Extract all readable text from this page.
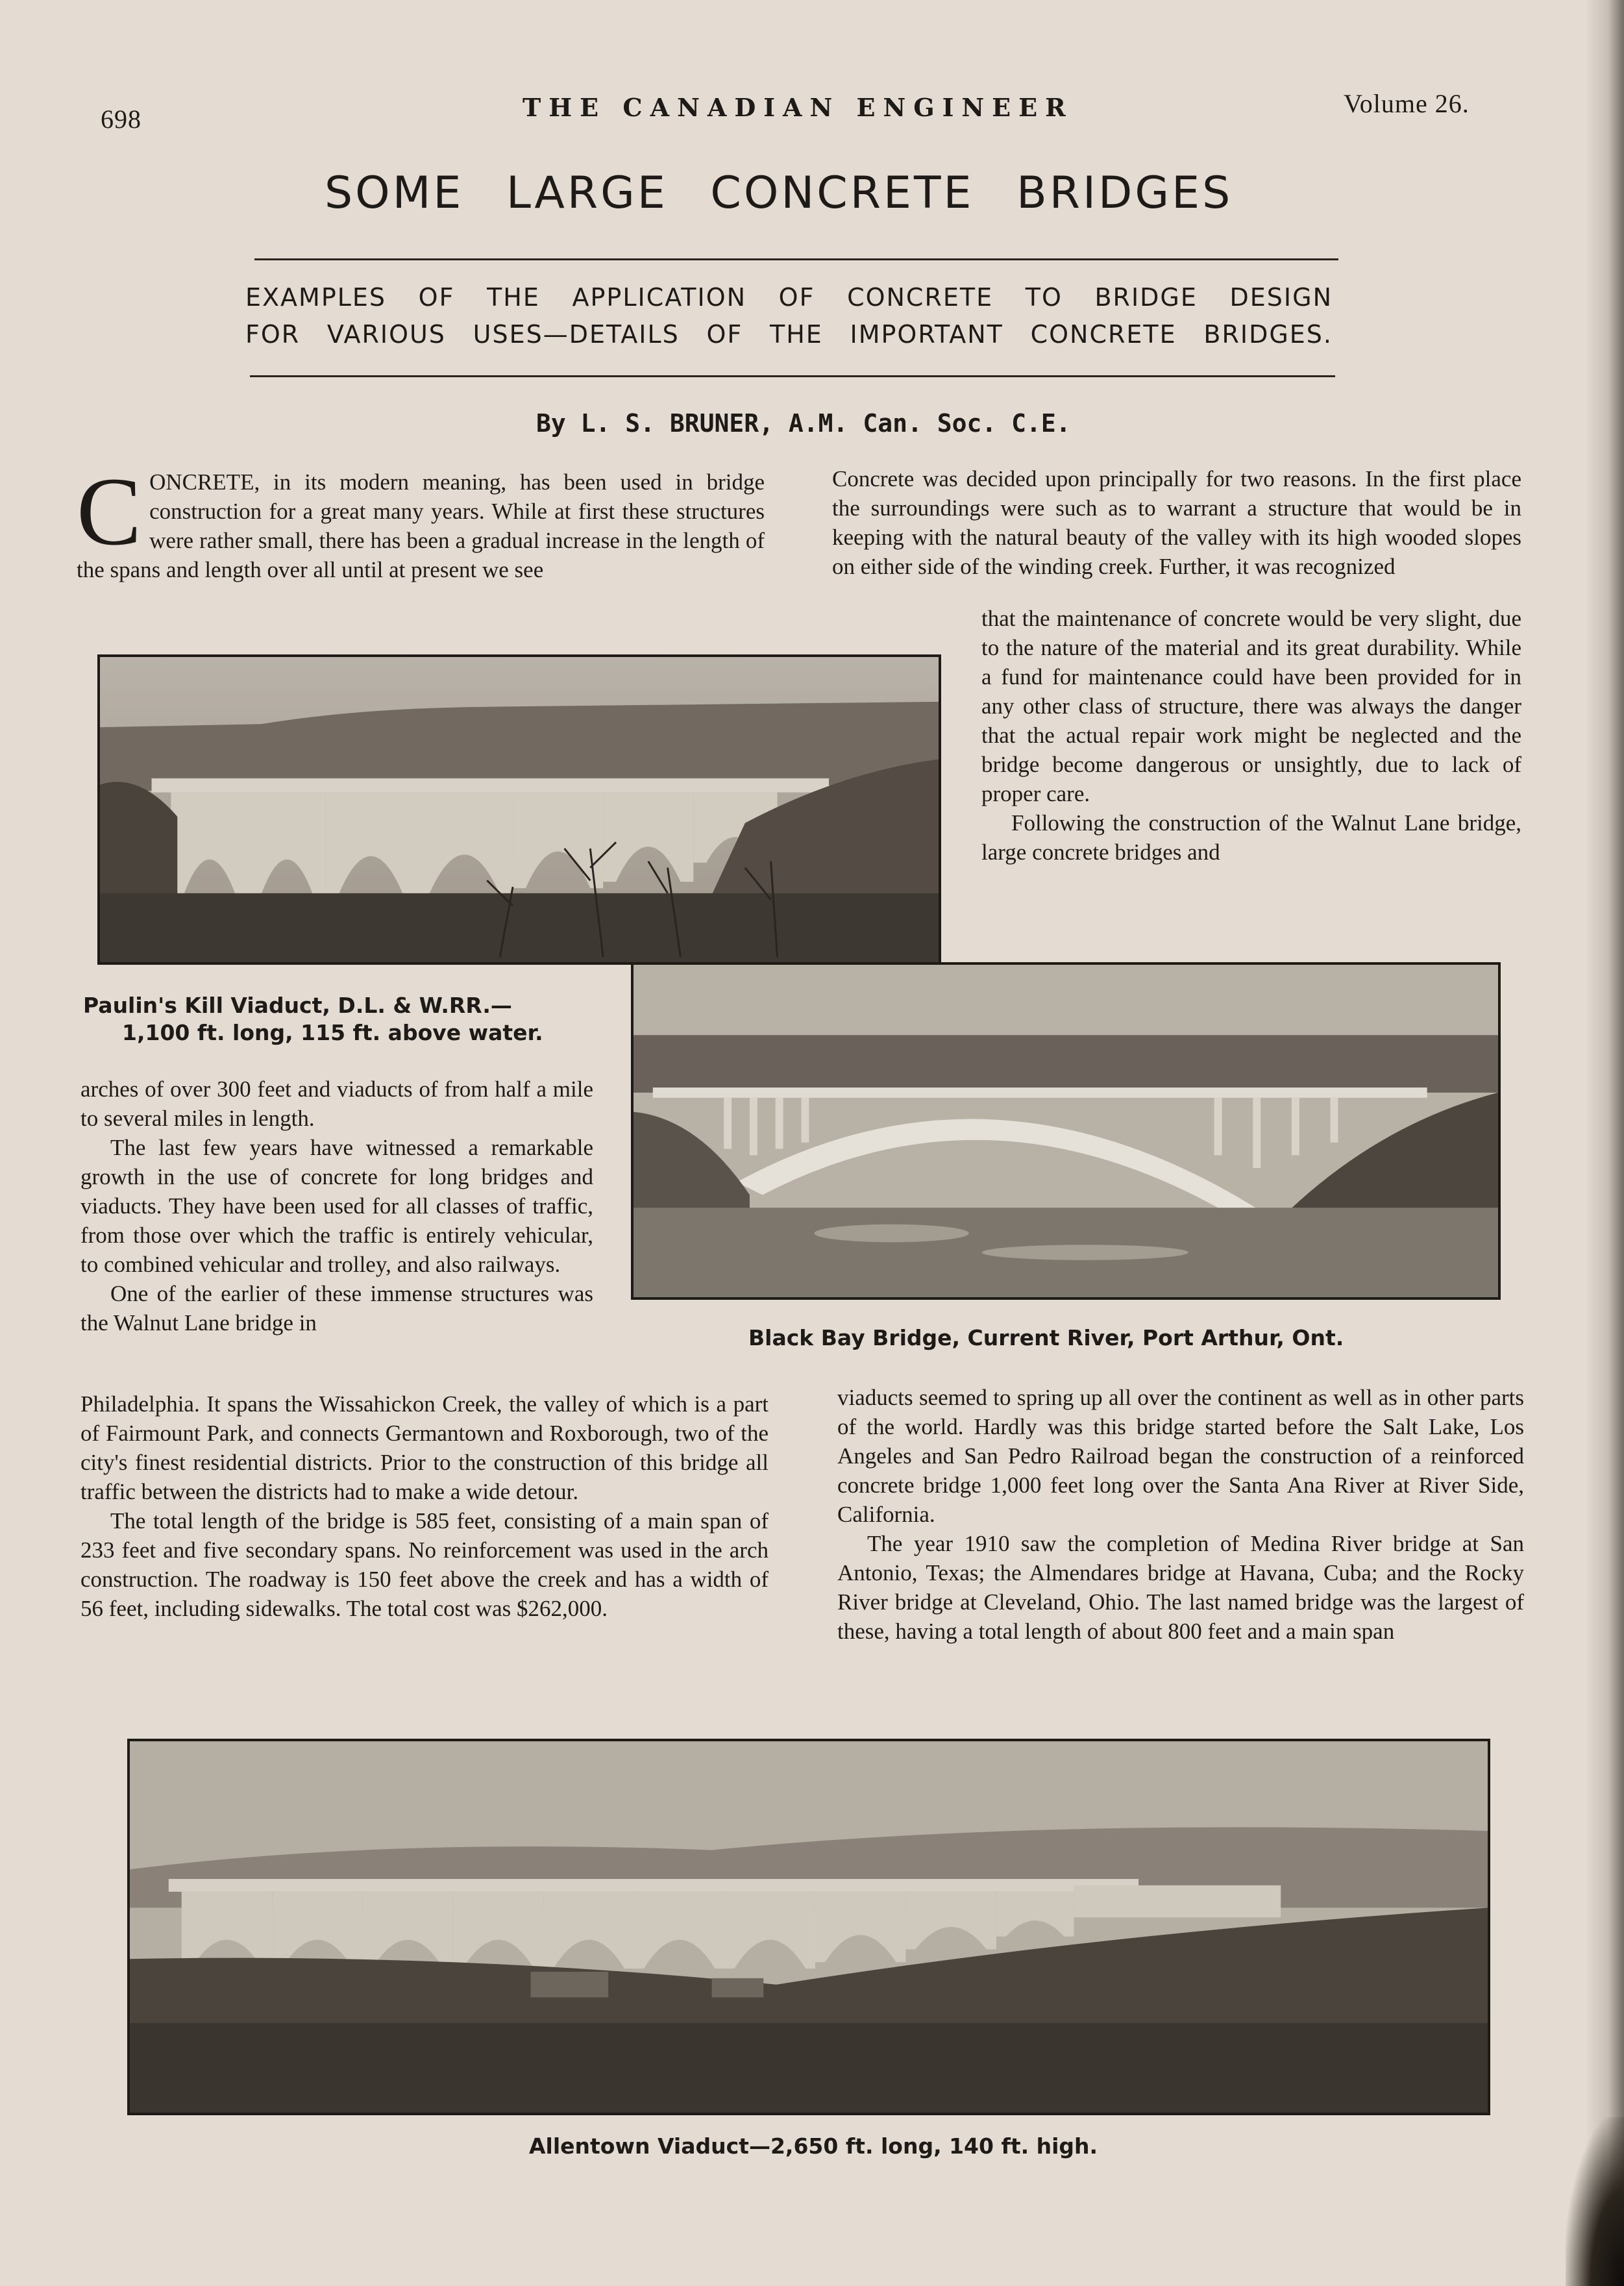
698	THE CANADIAN ENGINEER	Volume 26.
SOME LARGE CONCRETE BRIDGES
EXAMPLES OF THE APPLICATION OF CONCRETE TO BRIDGE DESIGN
FOR VARIOUS USES—DETAILS OF THE IMPORTANT CONCRETE BRIDGES.
By L. S. BRUNER, A.M. Can. Soc. C.E.
C ONCRETE, in its modern meaning, has been used in bridge construction for a great many years. While at first these structures were rather small, there has been a gradual increase in the length of the spans and length over all until at present we see

Concrete was decided upon principally for two reasons. In the first place the surroundings were such as to warrant a structure that would be in keeping with the natural beauty of the valley with its high wooded slopes on either side of the winding creek. Further, it was recognized

that the maintenance of concrete would be very slight, due to the nature of the material and its great durability. While a fund for maintenance could have been provided for in any other class of structure, there was always the danger that the actual repair work might be neglected and the bridge become dangerous or unsightly, due to lack of proper care.

Following the construction of the Walnut Lane bridge, large concrete bridges and

Paulin's Kill Viaduct, D.L. & W.RR.—
1,100 ft. long, 115 ft. above water.

arches of over 300 feet and viaducts of from half a mile to several miles in length.

The last few years have witnessed a remarkable growth in the use of concrete for long bridges and viaducts. They have been used for all classes of traffic, from those over which the traffic is entirely vehicular, to combined vehicular and trolley, and also railways.

One of the earlier of these immense structures was the Walnut Lane bridge in

Black Bay Bridge, Current River, Port Arthur, Ont.

Philadelphia. It spans the Wissahickon Creek, the valley of which is a part of Fairmount Park, and connects Germantown and Roxborough, two of the city's finest residential districts. Prior to the construction of this bridge all traffic between the districts had to make a wide detour.

The total length of the bridge is 585 feet, consisting of a main span of 233 feet and five secondary spans. No reinforcement was used in the arch construction. The roadway is 150 feet above the creek and has a width of 56 feet, including sidewalks. The total cost was $262,000.

viaducts seemed to spring up all over the continent as well as in other parts of the world. Hardly was this bridge started before the Salt Lake, Los Angeles and San Pedro Railroad began the construction of a reinforced concrete bridge 1,000 feet long over the Santa Ana River at River Side, California.

The year 1910 saw the completion of Medina River bridge at San Antonio, Texas; the Almendares bridge at Havana, Cuba; and the Rocky River bridge at Cleveland, Ohio. The last named bridge was the largest of these, having a total length of about 800 feet and a main span

Allentown Viaduct—2,650 ft. long, 140 ft. high.
